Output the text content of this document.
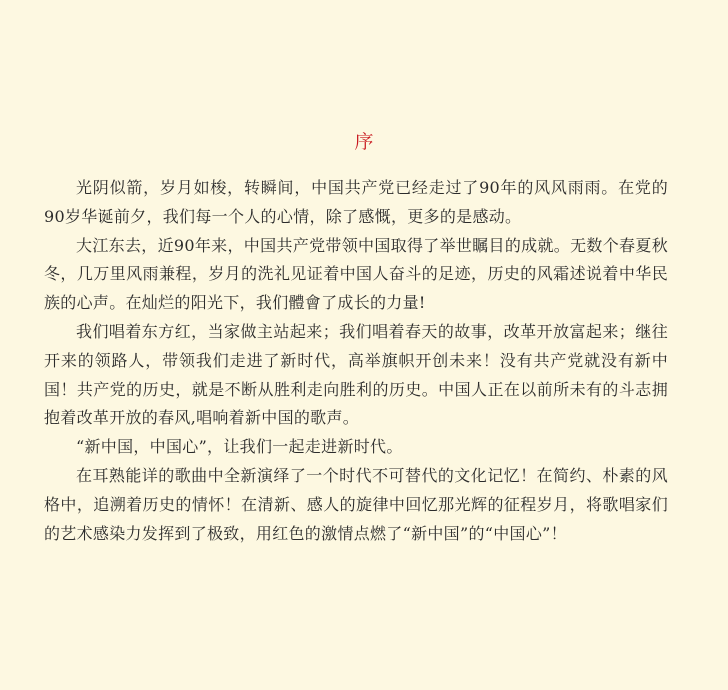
序

光阴似箭，岁月如梭，转瞬间，中国共产党已经走过了90年的风风雨雨。在党的90岁华诞前夕，我们每一个人的心情，除了感慨，更多的是感动。

大江东去，近90年来，中国共产党带领中国取得了举世瞩目的成就。无数个春夏秋冬，几万里风雨兼程，岁月的洗礼见证着中国人奋斗的足迹，历史的风霜述说着中华民族的心声。在灿烂的阳光下，我们體會了成长的力量!

我们唱着东方红，当家做主站起来；我们唱着春天的故事，改革开放富起来；继往开来的领路人，带领我们走进了新时代，高举旗帜开创未来！没有共产党就没有新中国！共产党的历史，就是不断从胜利走向胜利的历史。中国人正在以前所未有的斗志拥抱着改革开放的春风,唱响着新中国的歌声。

“新中国，中国心”，让我们一起走进新时代。

在耳熟能详的歌曲中全新演绎了一个时代不可替代的文化记忆！在简约、朴素的风格中，追溯着历史的情怀！在清新、感人的旋律中回忆那光辉的征程岁月，将歌唱家们的艺术感染力发挥到了极致，用红色的激情点燃了“新中国”的“中国心”！
